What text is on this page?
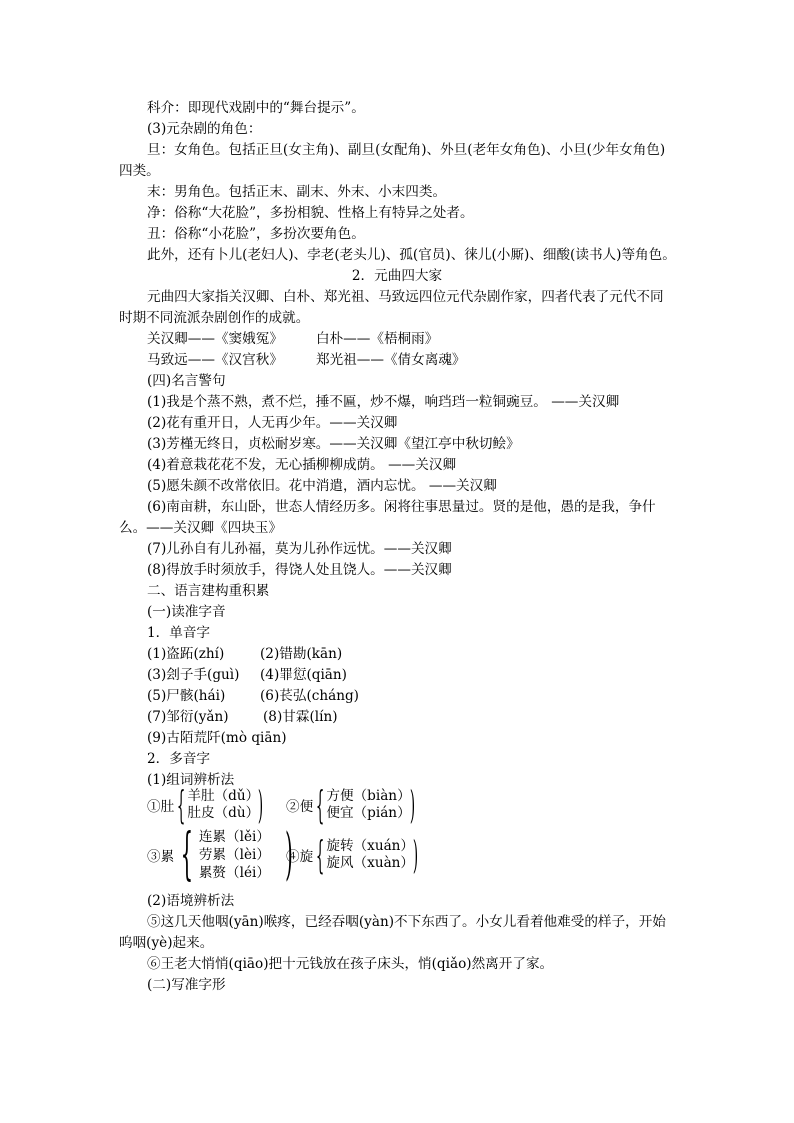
科介：即现代戏剧中的“舞台提示”。
(3)元杂剧的角色：
旦：女角色。包括正旦(女主角)、副旦(女配角)、外旦(老年女角色)、小旦(少年女角色)
四类。
末：男角色。包括正末、副末、外末、小末四类。
净：俗称“大花脸”，多扮相貌、性格上有特异之处者。
丑：俗称“小花脸”，多扮次要角色。
此外，还有卜儿(老妇人)、孛老(老头儿)、孤(官员)、徕儿(小厮)、细酸(读书人)等角色。
2．元曲四大家
元曲四大家指关汉卿、白朴、郑光祖、马致远四位元代杂剧作家，四者代表了元代不同
时期不同流派杂剧创作的成就。
关汉卿——《窦娥冤》 白朴——《梧桐雨》
马致远——《汉宫秋》 郑光祖——《倩女离魂》
(四)名言警句
(1)我是个蒸不熟，煮不烂，捶不匾，炒不爆，响珰珰一粒铜豌豆。 ——关汉卿
(2)花有重开日，人无再少年。——关汉卿
(3)芳槿无终日，贞松耐岁寒。——关汉卿《望江亭中秋切鲙》
(4)着意栽花花不发，无心插柳柳成荫。 ——关汉卿
(5)愿朱颜不改常依旧。花中消遣，酒内忘忧。 ——关汉卿
(6)南亩耕，东山卧，世态人情经历多。闲将往事思量过。贤的是他，愚的是我，争什
么。——关汉卿《四块玉》
(7)儿孙自有儿孙福，莫为儿孙作远忧。——关汉卿
(8)得放手时须放手，得饶人处且饶人。——关汉卿
二、语言建构重积累
(一)读准字音
1．单音字
(1)盗跖(zhí)	(2)错勘(kān)
(3)刽子手(guì) (4)罪愆(qiān)
(5)尸骸(hái)	(6)苌弘(cháng)
(7)邹衍(yǎn)	(8)甘霖(lín)
(9)古陌荒阡(mò qiān)
2．多音字
(1)组词辨析法
①肚 { 羊肚（dǔ）
肚皮（dù）
) ②便 { 方便（biàn）
便宜（pián）
)
③累 { 连累（lěi）
劳累（lèi）
累赘（léi） )
④旋 { 旋转（xuán）
旋风（xuàn）
)
(2)语境辨析法
⑤这几天他咽(yān)喉疼，已经吞咽(yàn)不下东西了。小女儿看着他难受的样子，开始
呜咽(yè)起来。
⑥王老大悄悄(qiāo)把十元钱放在孩子床头，悄(qiǎo)然离开了家。
(二)写准字形
